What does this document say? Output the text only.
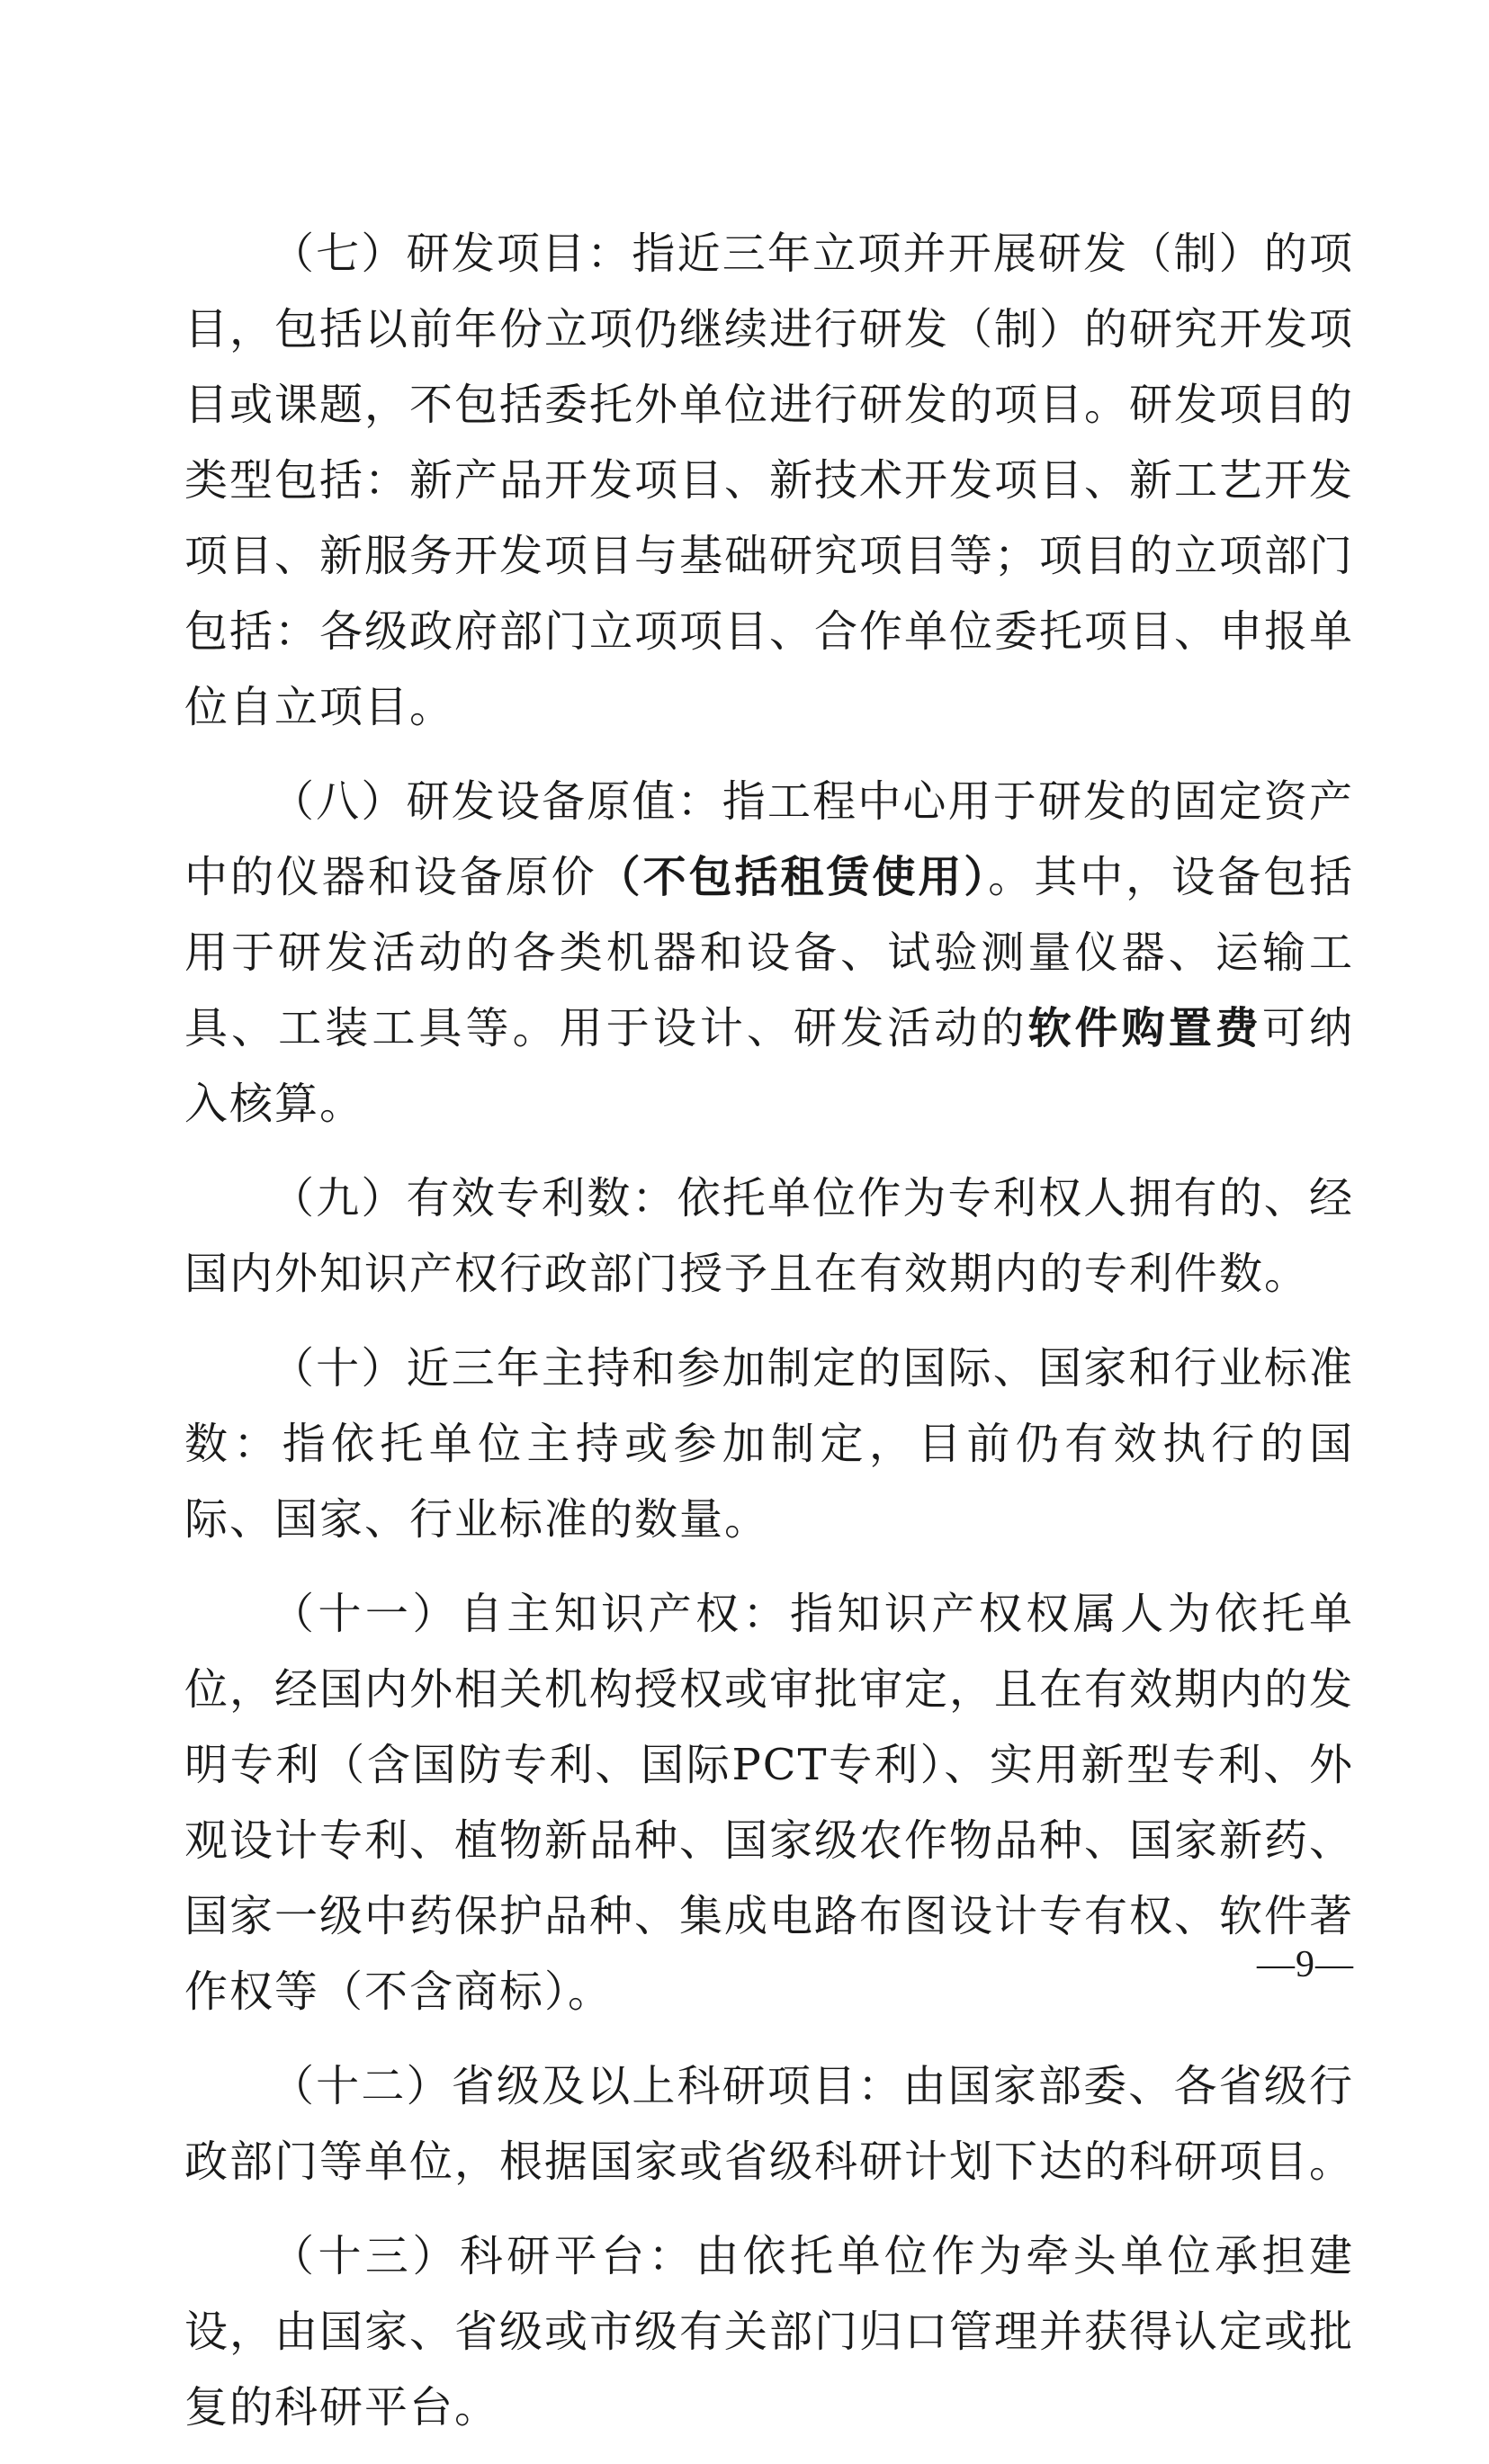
（七）研发项目：指近三年立项并开展研发（制）的项目，包括以前年份立项仍继续进行研发（制）的研究开发项目或课题，不包括委托外单位进行研发的项目。研发项目的类型包括：新产品开发项目、新技术开发项目、新工艺开发项目、新服务开发项目与基础研究项目等；项目的立项部门包括：各级政府部门立项项目、合作单位委托项目、申报单位自立项目。

（八）研发设备原值：指工程中心用于研发的固定资产中的仪器和设备原价（不包括租赁使用）。其中，设备包括用于研发活动的各类机器和设备、试验测量仪器、运输工具、工装工具等。用于设计、研发活动的软件购置费可纳入核算。

（九）有效专利数：依托单位作为专利权人拥有的、经国内外知识产权行政部门授予且在有效期内的专利件数。

（十）近三年主持和参加制定的国际、国家和行业标准数：指依托单位主持或参加制定，目前仍有效执行的国际、国家、行业标准的数量。

（十一）自主知识产权：指知识产权权属人为依托单位，经国内外相关机构授权或审批审定，且在有效期内的发明专利（含国防专利、国际PCT专利）、实用新型专利、外观设计专利、植物新品种、国家级农作物品种、国家新药、国家一级中药保护品种、集成电路布图设计专有权、软件著作权等（不含商标）。

（十二）省级及以上科研项目：由国家部委、各省级行政部门等单位，根据国家或省级科研计划下达的科研项目。

（十三）科研平台：由依托单位作为牵头单位承担建设，由国家、省级或市级有关部门归口管理并获得认定或批复的科研平台。

—9—
